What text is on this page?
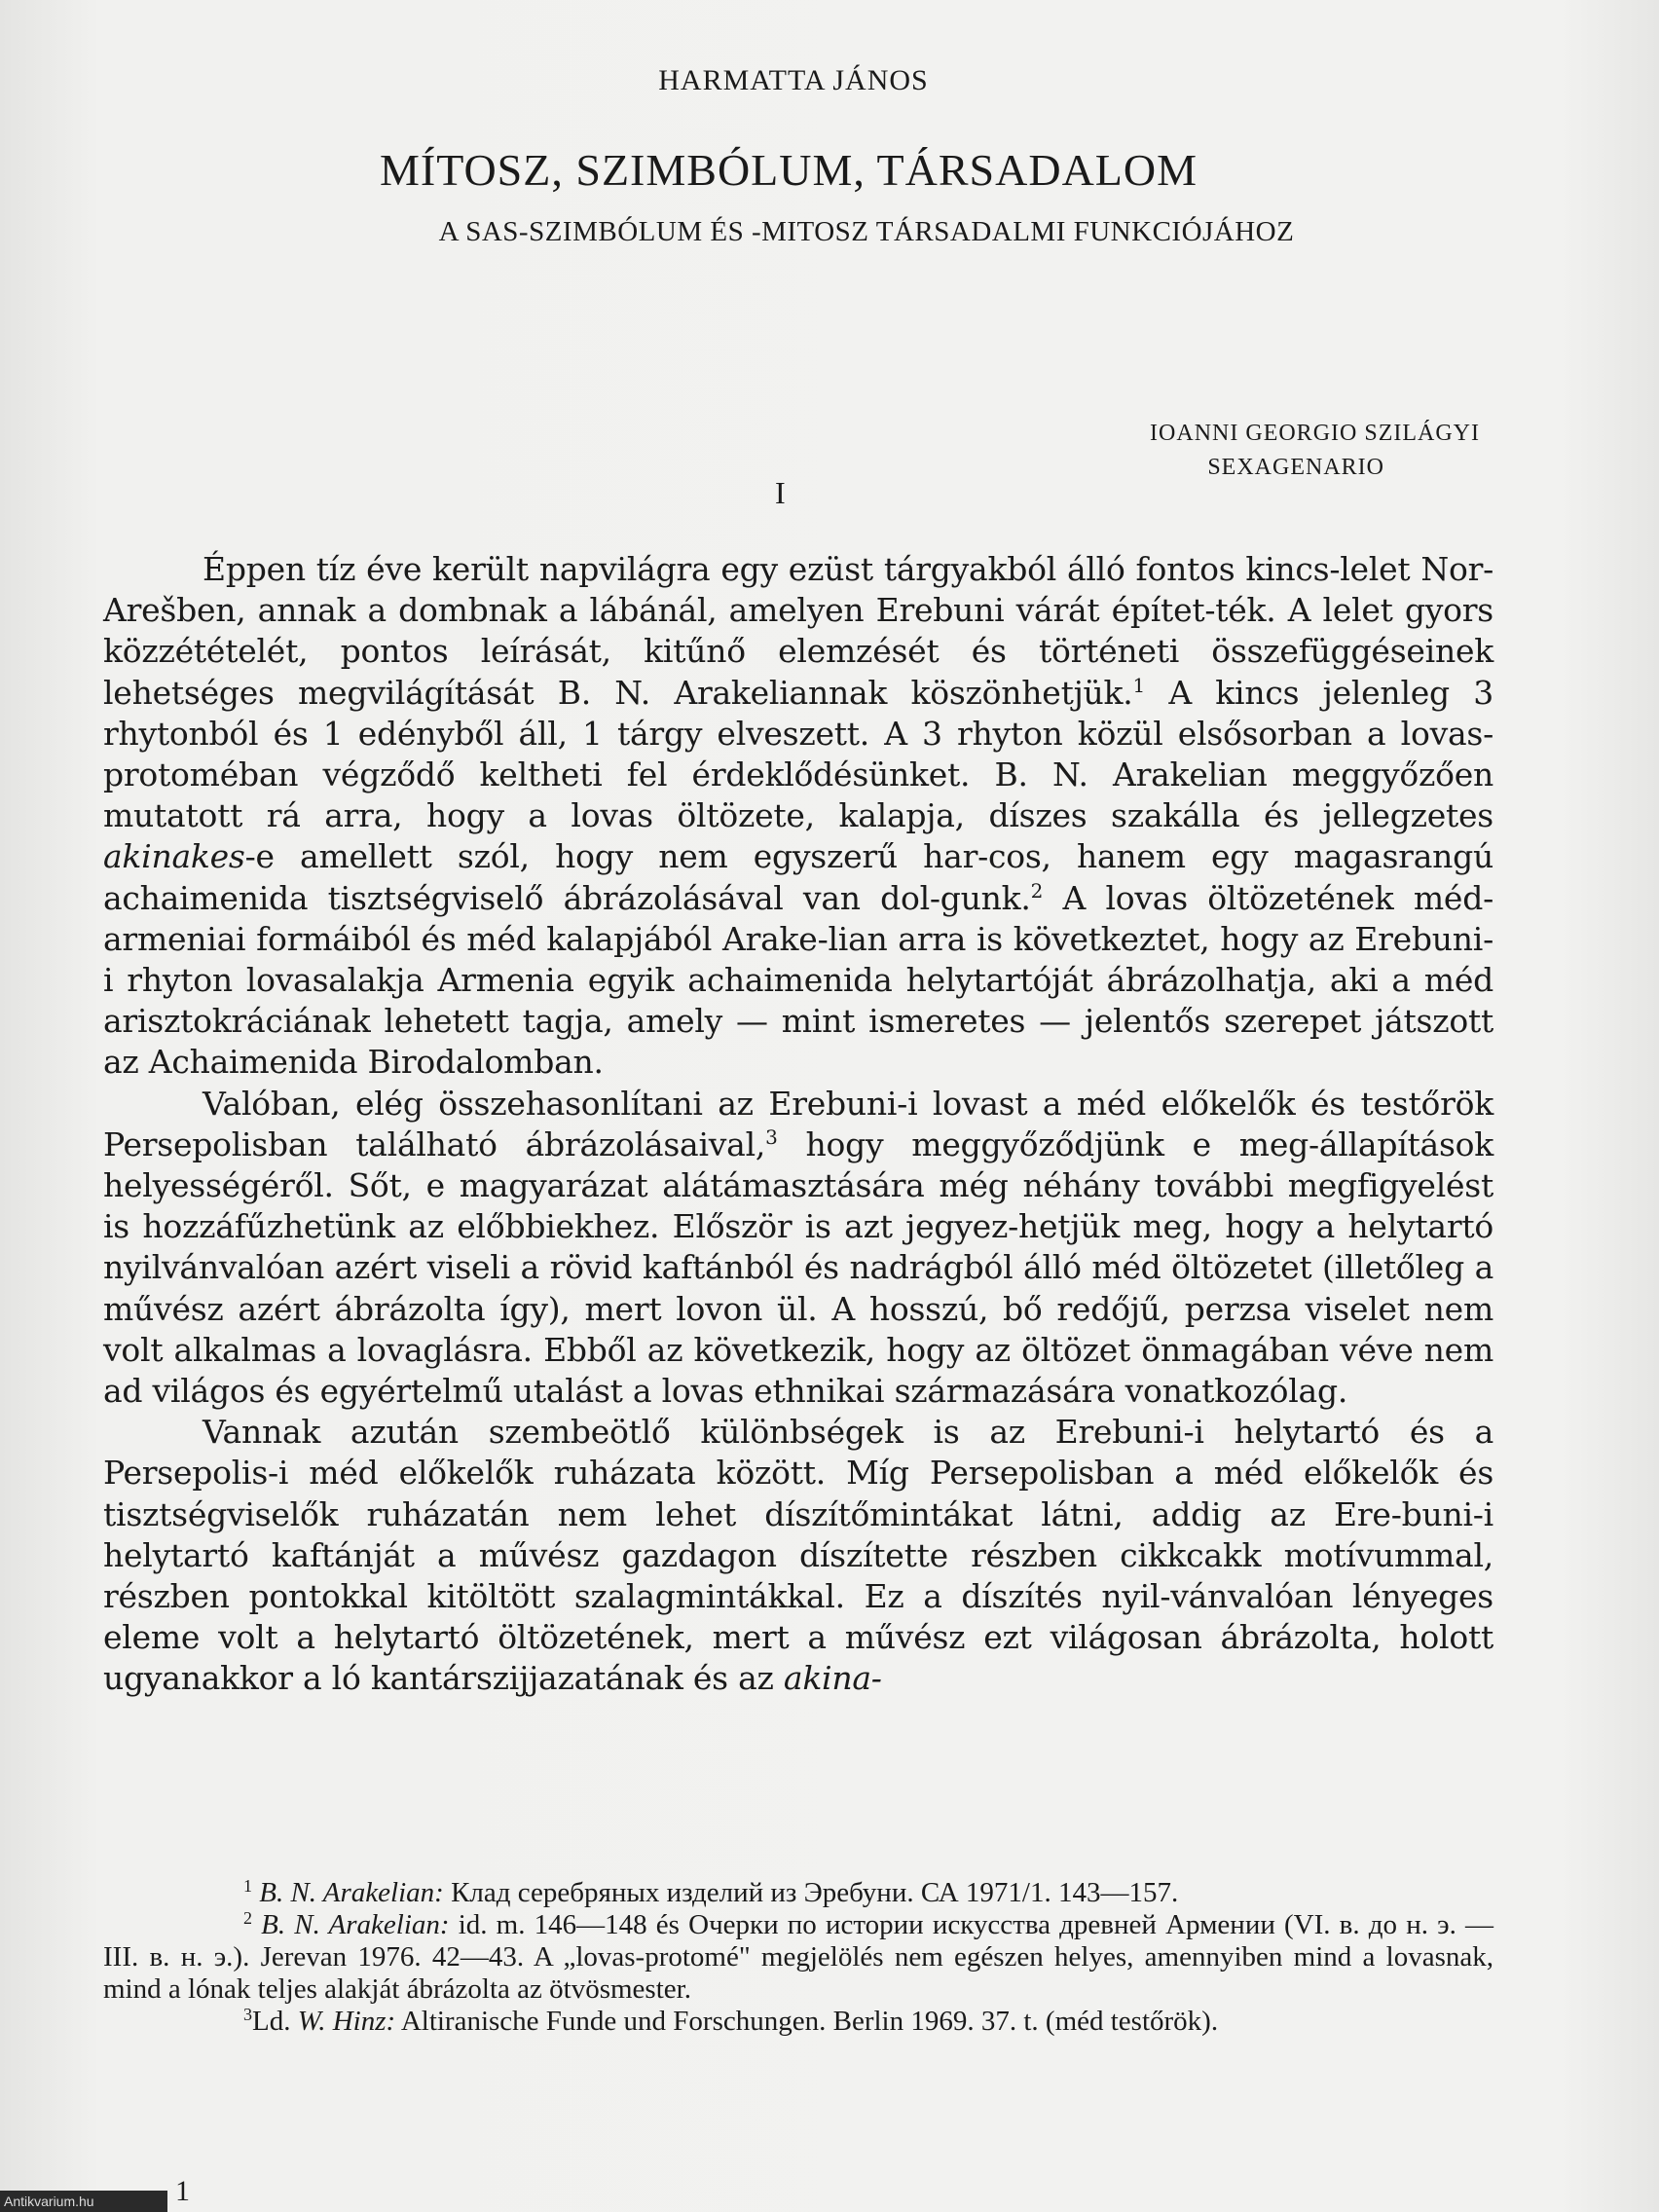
HARMATTA JÁNOS
MÍTOSZ, SZIMBÓLUM, TÁRSADALOM
A SAS-SZIMBÓLUM ÉS -MITOSZ TÁRSADALMI FUNKCIÓJÁHOZ
IOANNI GEORGIO SZILÁGYI
SEXAGENARIO
I

Éppen tíz éve került napvilágra egy ezüst tárgyakból álló fontos kincs-lelet Nor-Arešben, annak a dombnak a lábánál, amelyen Erebuni várát építet-ték. A lelet gyors közzétételét, pontos leírását, kitűnő elemzését és történeti összefüggéseinek lehetséges megvilágítását B. N. Arakeliannak köszönhetjük.$^1$ A kincs jelenleg 3 rhytonból és 1 edényből áll, 1 tárgy elveszett. A 3 rhyton közül elsősorban a lovas-protoméban végződő keltheti fel érdeklődésünket. B. N. Arakelian meggyőzően mutatott rá arra, hogy a lovas öltözete, kalapja, díszes szakálla és jellegzetes akinakes-e amellett szól, hogy nem egyszerű har-cos, hanem egy magasrangú achaimenida tisztségviselő ábrázolásával van dol-gunk.$^2$ A lovas öltözetének méd-armeniai formáiból és méd kalapjából Arake-lian arra is következtet, hogy az Erebuni-i rhyton lovasalakja Armenia egyik achaimenida helytartóját ábrázolhatja, aki a méd arisztokráciának lehetett tagja, amely — mint ismeretes — jelentős szerepet játszott az Achaimenida Birodalomban.

Valóban, elég összehasonlítani az Erebuni-i lovast a méd előkelők és testőrök Persepolisban található ábrázolásaival,$^3$ hogy meggyőződjünk e meg-állapítások helyességéről. Sőt, e magyarázat alátámasztására még néhány további megfigyelést is hozzáfűzhetünk az előbbiekhez. Először is azt jegyez-hetjük meg, hogy a helytartó nyilvánvalóan azért viseli a rövid kaftánból és nadrágból álló méd öltözetet (illetőleg a művész azért ábrázolta így), mert lovon ül. A hosszú, bő redőjű, perzsa viselet nem volt alkalmas a lovaglásra. Ebből az következik, hogy az öltözet önmagában véve nem ad világos és egyértelmű utalást a lovas ethnikai származására vonatkozólag.

Vannak azután szembeötlő különbségek is az Erebuni-i helytartó és a Persepolis-i méd előkelők ruházata között. Míg Persepolisban a méd előkelők és tisztségviselők ruházatán nem lehet díszítőmintákat látni, addig az Ere-buni-i helytartó kaftánját a művész gazdagon díszítette részben cikkcakk motívummal, részben pontokkal kitöltött szalagmintákkal. Ez a díszítés nyil-vánvalóan lényeges eleme volt a helytartó öltözetének, mert a művész ezt világosan ábrázolta, holott ugyanakkor a ló kantárszijjazatának és az akina-

$^1$ B. N. Arakelian: Клад серебряных изделий из Эребуни. СА 1971/1. 143—157.

$^2$ B. N. Arakelian: id. m. 146—148 és Очерки по истории искусства древней Армении (VI. в. до н. э. — III. в. н. э.). Jerevan 1976. 42—43. A „lovas-protomé" megjelölés nem egészen helyes, amennyiben mind a lovasnak, mind a lónak teljes alakját ábrázolta az ötvösmester.

$^3$Ld. W. Hinz: Altiranische Funde und Forschungen. Berlin 1969. 37. t. (méd testőrök).

1
Antikvarium.hu
